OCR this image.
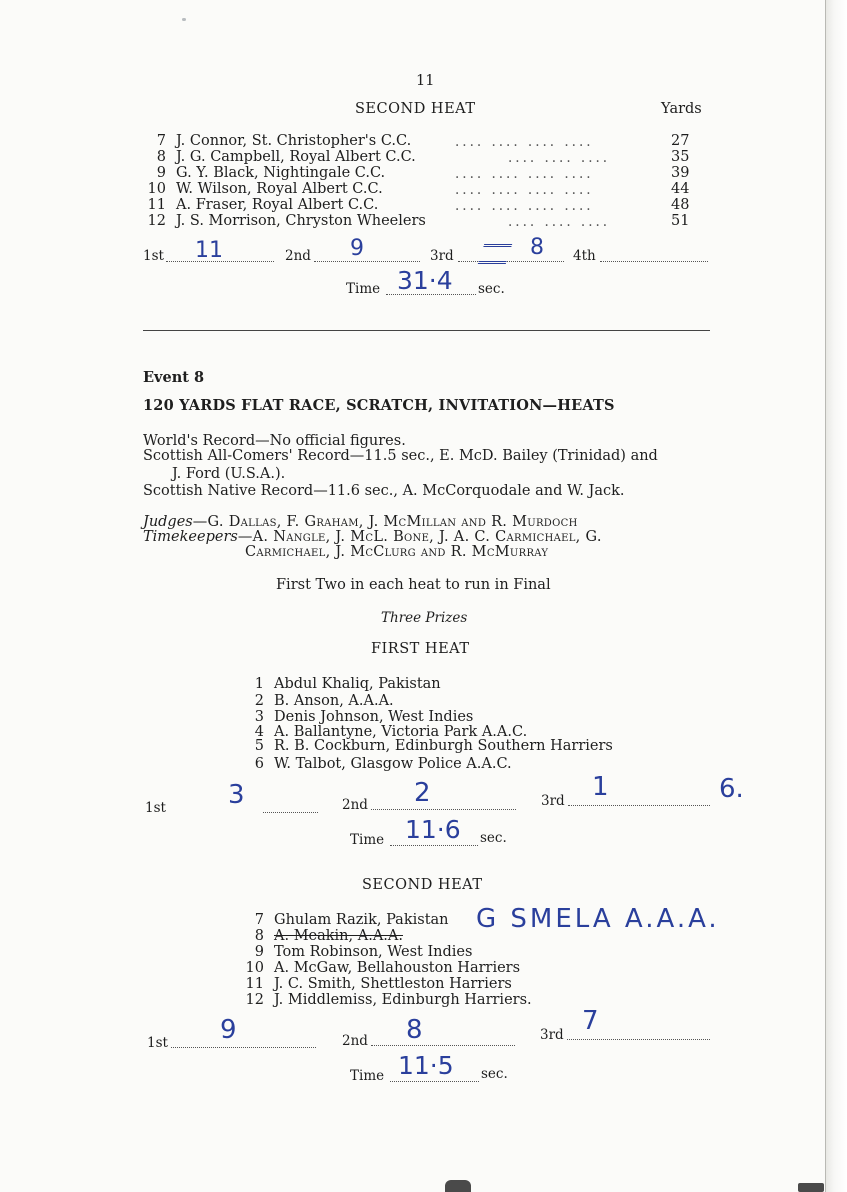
11
SECOND HEAT	Yards
7 J. Connor, St. Christopher's C.C.	.... .... .... ....	27
8 J. G. Campbell, Royal Albert C.C.	.... .... ....	35
9 G. Y. Black, Nightingale C.C.	.... .... .... ....	39
10 W. Wilson, Royal Albert C.C.	.... .... .... ....	44
11 A. Fraser, Royal Albert C.C.	.... .... .... ....	48
12 J. S. Morrison, Chryston Wheelers	.... .... ....	51
1st 11	2nd 9	3rd	8 4th
Time 31·4 sec.
Event 8
120 YARDS FLAT RACE, SCRATCH, INVITATION—HEATS
World's Record—No official figures.
Scottish All-Comers' Record—11.5 sec., E. McD. Bailey (Trinidad) and
J. Ford (U.S.A.).
Scottish Native Record—11.6 sec., A. McCorquodale and W. Jack.
Judges—G. Dallas, F. Graham, J. McMillan and R. Murdoch
Timekeepers—A. Nangle, J. McL. Bone, J. A. C. Carmichael, G.
Carmichael, J. McClurg and R. McMurray
First Two in each heat to run in Final
Three Prizes
FIRST HEAT
1 Abdul Khaliq, Pakistan
2 B. Anson, A.A.A.
3 Denis Johnson, West Indies
4 A. Ballantyne, Victoria Park A.A.C.
5 R. B. Cockburn, Edinburgh Southern Harriers
6 W. Talbot, Glasgow Police A.A.C.
1st 3	2nd 2	3rd 1	6.
Time 11·6 sec.
SECOND HEAT
7 Ghulam Razik, Pakistan
8 A. Meakin, A.A.A.
9 Tom Robinson, West Indies
10 A. McGaw, Bellahouston Harriers
11 J. C. Smith, Shettleston Harriers
12 J. Middlemiss, Edinburgh Harriers.
G SMELA A.A.A.
1st 9	2nd 8	3rd 7
Time 11·5 sec.
